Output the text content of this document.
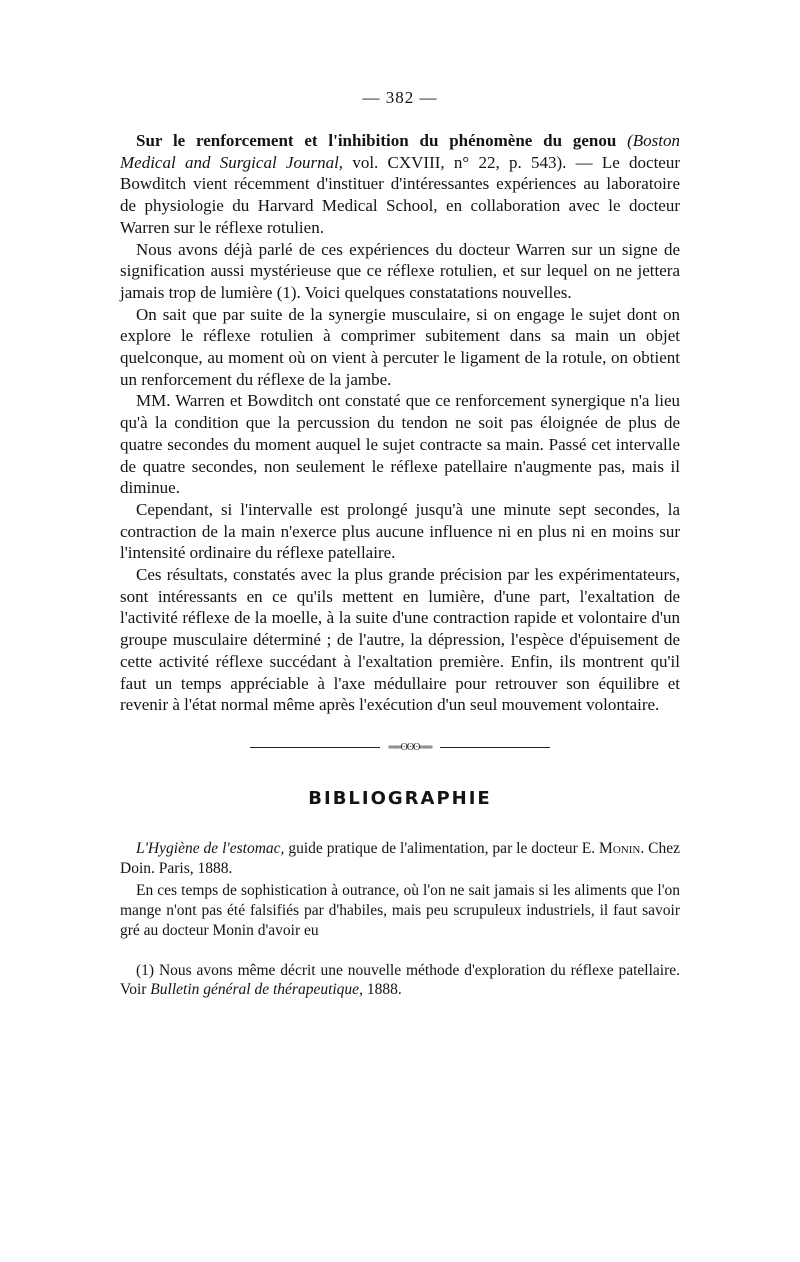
— 382 —

Sur le renforcement et l'inhibition du phénomène du genou (Boston Medical and Surgical Journal, vol. CXVIII, n° 22, p. 543). — Le docteur Bowditch vient récemment d'instituer d'intéressantes expériences au laboratoire de physiologie du Harvard Medical School, en collaboration avec le docteur Warren sur le réflexe rotulien.

Nous avons déjà parlé de ces expériences du docteur Warren sur un signe de signification aussi mystérieuse que ce réflexe rotulien, et sur lequel on ne jettera jamais trop de lumière (1). Voici quelques constatations nouvelles.

On sait que par suite de la synergie musculaire, si on engage le sujet dont on explore le réflexe rotulien à comprimer subitement dans sa main un objet quelconque, au moment où on vient à percuter le ligament de la rotule, on obtient un renforcement du réflexe de la jambe.

MM. Warren et Bowditch ont constaté que ce renforcement synergique n'a lieu qu'à la condition que la percussion du tendon ne soit pas éloignée de plus de quatre secondes du moment auquel le sujet contracte sa main. Passé cet intervalle de quatre secondes, non seulement le réflexe patellaire n'augmente pas, mais il diminue.

Cependant, si l'intervalle est prolongé jusqu'à une minute sept secondes, la contraction de la main n'exerce plus aucune influence ni en plus ni en moins sur l'intensité ordinaire du réflexe patellaire.

Ces résultats, constatés avec la plus grande précision par les expérimentateurs, sont intéressants en ce qu'ils mettent en lumière, d'une part, l'exaltation de l'activité réflexe de la moelle, à la suite d'une contraction rapide et volontaire d'un groupe musculaire déterminé ; de l'autre, la dépression, l'espèce d'épuisement de cette activité réflexe succédant à l'exaltation première. Enfin, ils montrent qu'il faut un temps appréciable à l'axe médullaire pour retrouver son équilibre et revenir à l'état normal même après l'exécution d'un seul mouvement volontaire.

══ʘʘʘ══
BIBLIOGRAPHIE

L'Hygiène de l'estomac, guide pratique de l'alimentation, par le docteur E. Monin. Chez Doin. Paris, 1888.

En ces temps de sophistication à outrance, où l'on ne sait jamais si les aliments que l'on mange n'ont pas été falsifiés par d'habiles, mais peu scrupuleux industriels, il faut savoir gré au docteur Monin d'avoir eu

(1) Nous avons même décrit une nouvelle méthode d'exploration du réflexe patellaire. Voir Bulletin général de thérapeutique, 1888.
